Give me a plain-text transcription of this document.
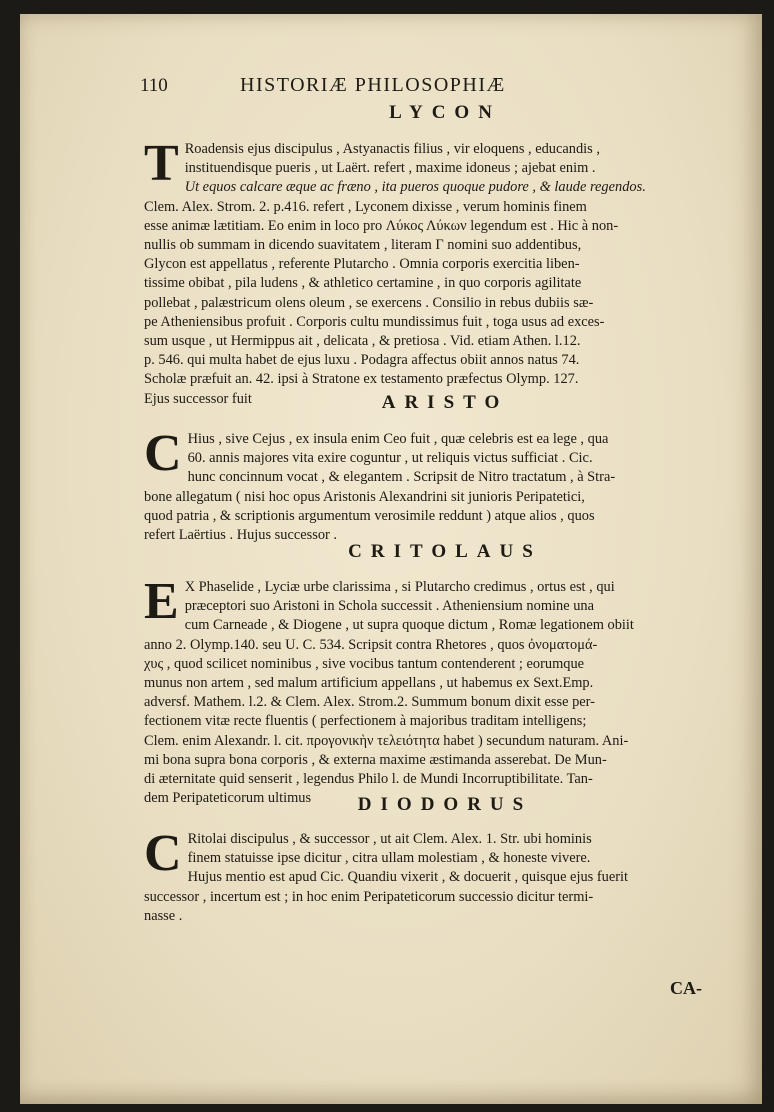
110	HISTORIÆ PHILOSOPHIÆ
LYCON
T Roadensis ejus discipulus , Astyanactis filius , vir eloquens , educandis ,
instituendisque pueris , ut Laërt. refert , maxime idoneus ; ajebat enim .
Ut equos calcare æque ac fræno , ita pueros quoque pudore , & laude regendos.
Clem. Alex. Strom. 2. p.416. refert , Lyconem dixisse , verum hominis finem
esse animæ lætitiam. Eo enim in loco pro Λύκος Λύκων legendum est . Hic à non-
nullis ob summam in dicendo suavitatem , literam Γ nomini suo addentibus,
Glycon est appellatus , referente Plutarcho . Omnia corporis exercitia liben-
tissime obibat , pila ludens , & athletico certamine , in quo corporis agilitate
pollebat , palæstricum olens oleum , se exercens . Consilio in rebus dubiis sæ-
pe Atheniensibus profuit . Corporis cultu mundissimus fuit , toga usus ad exces-
sum usque , ut Hermippus ait , delicata , & pretiosa . Vid. etiam Athen. l.12.
p. 546. qui multa habet de ejus luxu . Podagra affectus obiit annos natus 74.
Scholæ præfuit an. 42. ipsi à Stratone ex testamento præfectus Olymp. 127.
Ejus successor fuit	ARISTO
C Hius , sive Cejus , ex insula enim Ceo fuit , quæ celebris est ea lege , qua
60. annis majores vita exire coguntur , ut reliquis victus sufficiat . Cic.
hunc concinnum vocat , & elegantem . Scripsit de Nitro tractatum , à Stra-
bone allegatum ( nisi hoc opus Aristonis Alexandrini sit junioris Peripatetici,
quod patria , & scriptionis argumentum verosimile reddunt ) atque alios , quos
refert Laërtius . Hujus successor .
CRITOLAUS
E X Phaselide , Lyciæ urbe clarissima , si Plutarcho credimus , ortus est , qui
præceptori suo Aristoni in Schola successit . Atheniensium nomine una
cum Carneade , & Diogene , ut supra quoque dictum , Romæ legationem obiit
anno 2. Olymp.140. seu U. C. 534. Scripsit contra Rhetores , quos ὀνοματομά-
χυς , quod scilicet nominibus , sive vocibus tantum contenderent ; eorumque
munus non artem , sed malum artificium appellans , ut habemus ex Sext.Emp.
adversf. Mathem. l.2. & Clem. Alex. Strom.2. Summum bonum dixit esse per-
fectionem vitæ recte fluentis ( perfectionem à majoribus traditam intelligens;
Clem. enim Alexandr. l. cit. προγονικὴν τελειότητα habet ) secundum naturam. Ani-
mi bona supra bona corporis , & externa maxime æstimanda asserebat. De Mun-
di æternitate quid senserit , legendus Philo l. de Mundi Incorruptibilitate. Tan-
dem Peripateticorum ultimus	DIODORUS
C Ritolai discipulus , & successor , ut ait Clem. Alex. 1. Str. ubi hominis
finem statuisse ipse dicitur , citra ullam molestiam , & honeste vivere.
Hujus mentio est apud Cic. Quandiu vixerit , & docuerit , quisque ejus fuerit
successor , incertum est ; in hoc enim Peripateticorum successio dicitur termi-
nasse .
CA-
